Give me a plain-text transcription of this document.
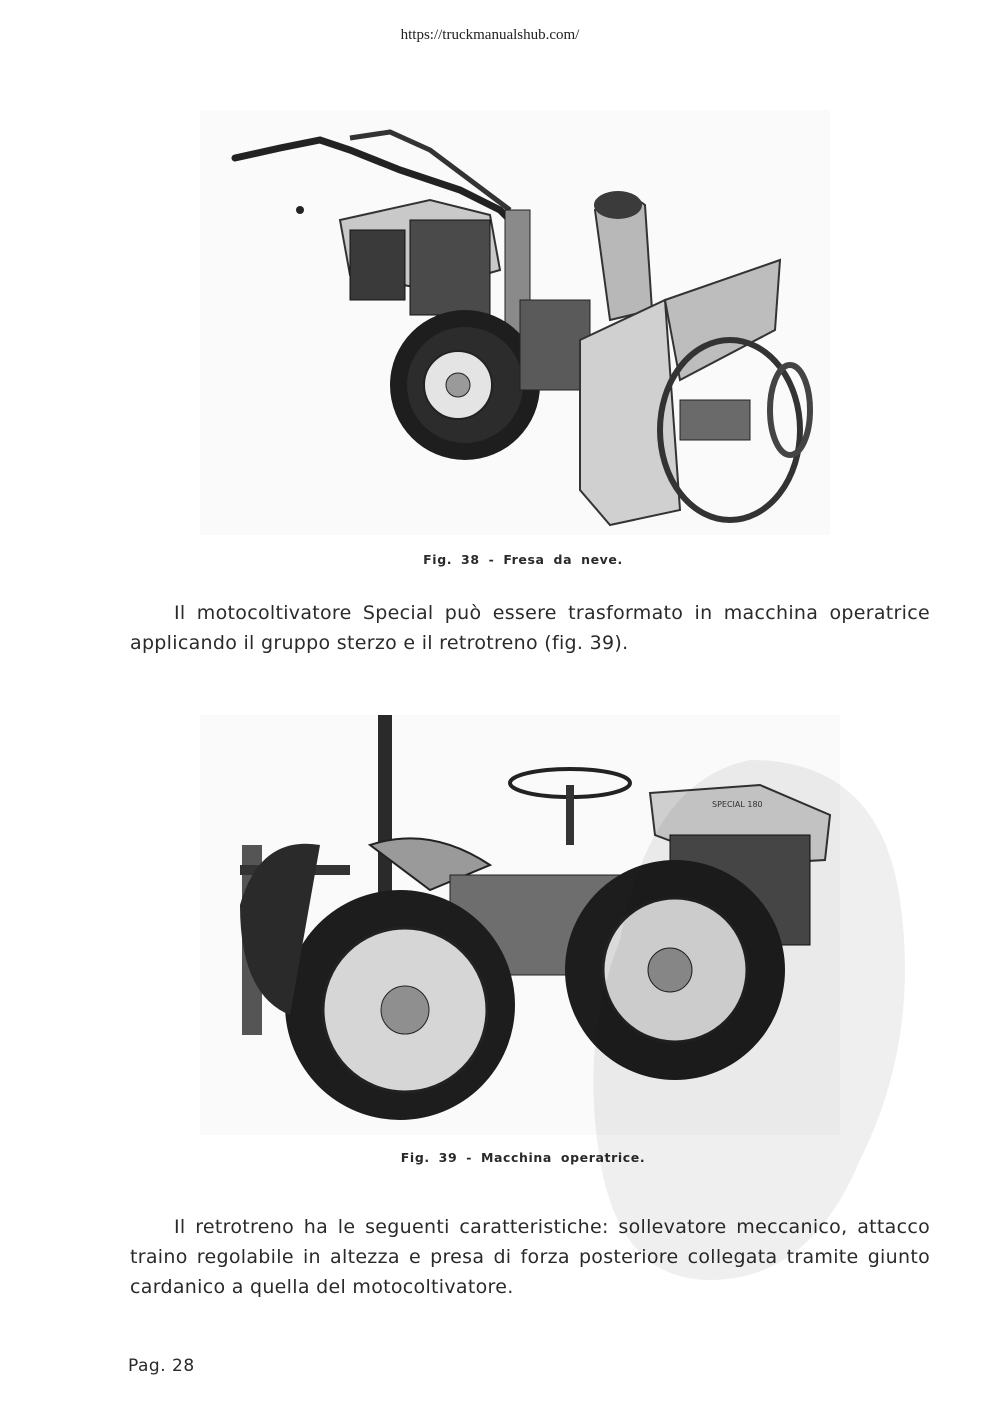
https://truckmanualshub.com/
Fig. 38 - Fresa da neve.

Il motocoltivatore Special può essere trasformato in macchina operatrice applicando il gruppo sterzo e il retrotreno (fig. 39).

SPECIAL 180
Fig. 39 - Macchina operatrice.

Il retrotreno ha le seguenti caratteristiche: sollevatore meccanico, attacco traino regolabile in altezza e presa di forza posteriore collegata tramite giunto cardanico a quella del motocoltivatore.

Pag. 28
